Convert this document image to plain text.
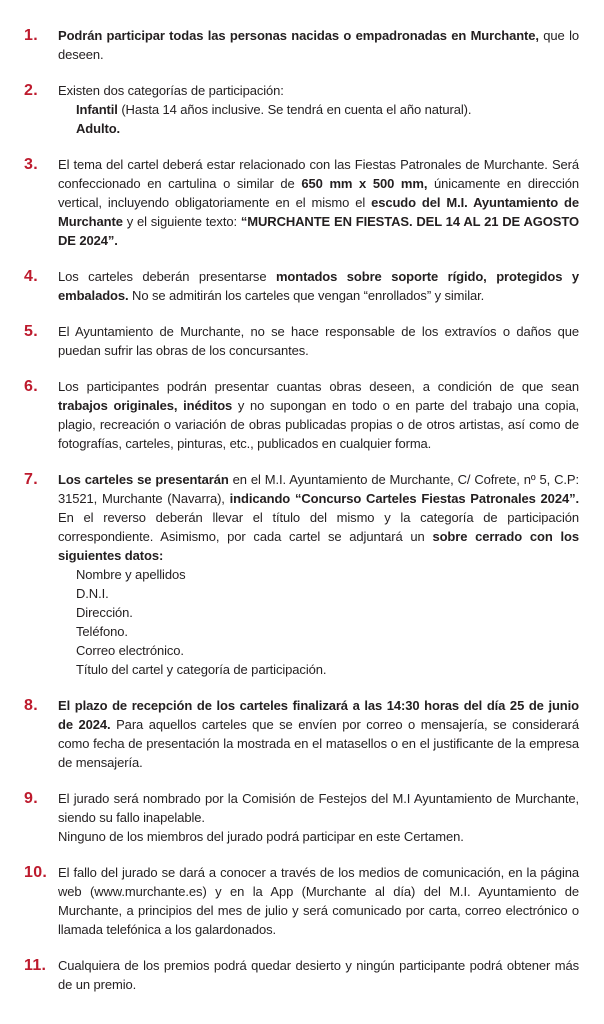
1.	Podrán participar todas las personas nacidas o empadronadas en Murchante, que lo deseen.
2.	Existen dos categorías de participación:
Infantil (Hasta 14 años inclusive. Se tendrá en cuenta el año natural).
Adulto.
3.	El tema del cartel deberá estar relacionado con las Fiestas Patronales de Murchante. Será confeccionado en cartulina o similar de 650 mm x 500 mm, únicamente en dirección vertical, incluyendo obligatoriamente en el mismo el escudo del M.I. Ayuntamiento de Murchante y el siguiente texto: “MURCHANTE EN FIESTAS. DEL 14 AL 21 DE AGOSTO DE 2024”.
4.	Los carteles deberán presentarse montados sobre soporte rígido, protegidos y embalados. No se admitirán los carteles que vengan “enrollados” y similar.
5.	El Ayuntamiento de Murchante, no se hace responsable de los extravíos o daños que puedan sufrir las obras de los concursantes.
6.	Los participantes podrán presentar cuantas obras deseen, a condición de que sean trabajos originales, inéditos y no supongan en todo o en parte del trabajo una copia, plagio, recreación o variación de obras publicadas propias o de otros artistas, así como de fotografías, carteles, pinturas, etc., publicados en cualquier forma.
7.	Los carteles se presentarán en el M.I. Ayuntamiento de Murchante, C/ Cofrete, nº 5, C.P: 31521, Murchante (Navarra), indicando “Concurso Carteles Fiestas Patronales 2024”. En el reverso deberán llevar el título del mismo y la categoría de participación correspondiente. Asimismo, por cada cartel se adjuntará un sobre cerrado con los siguientes datos:
Nombre y apellidos
D.N.I.
Dirección.
Teléfono.
Correo electrónico.
Título del cartel y categoría de participación.
8.	El plazo de recepción de los carteles finalizará a las 14:30 horas del día 25 de junio de 2024. Para aquellos carteles que se envíen por correo o mensajería, se considerará como fecha de presentación la mostrada en el matasellos o en el justificante de la empresa de mensajería.
9.	El jurado será nombrado por la Comisión de Festejos del M.I Ayuntamiento de Murchante, siendo su fallo inapelable.
Ninguno de los miembros del jurado podrá participar en este Certamen.
10. El fallo del jurado se dará a conocer a través de los medios de comunicación, en la página web (www.murchante.es) y en la App (Murchante al día) del M.I. Ayuntamiento de Murchante, a principios del mes de julio y será comunicado por carta, correo electrónico o llamada telefónica a los galardonados.
11. Cualquiera de los premios podrá quedar desierto y ningún participante podrá obtener más de un premio.
